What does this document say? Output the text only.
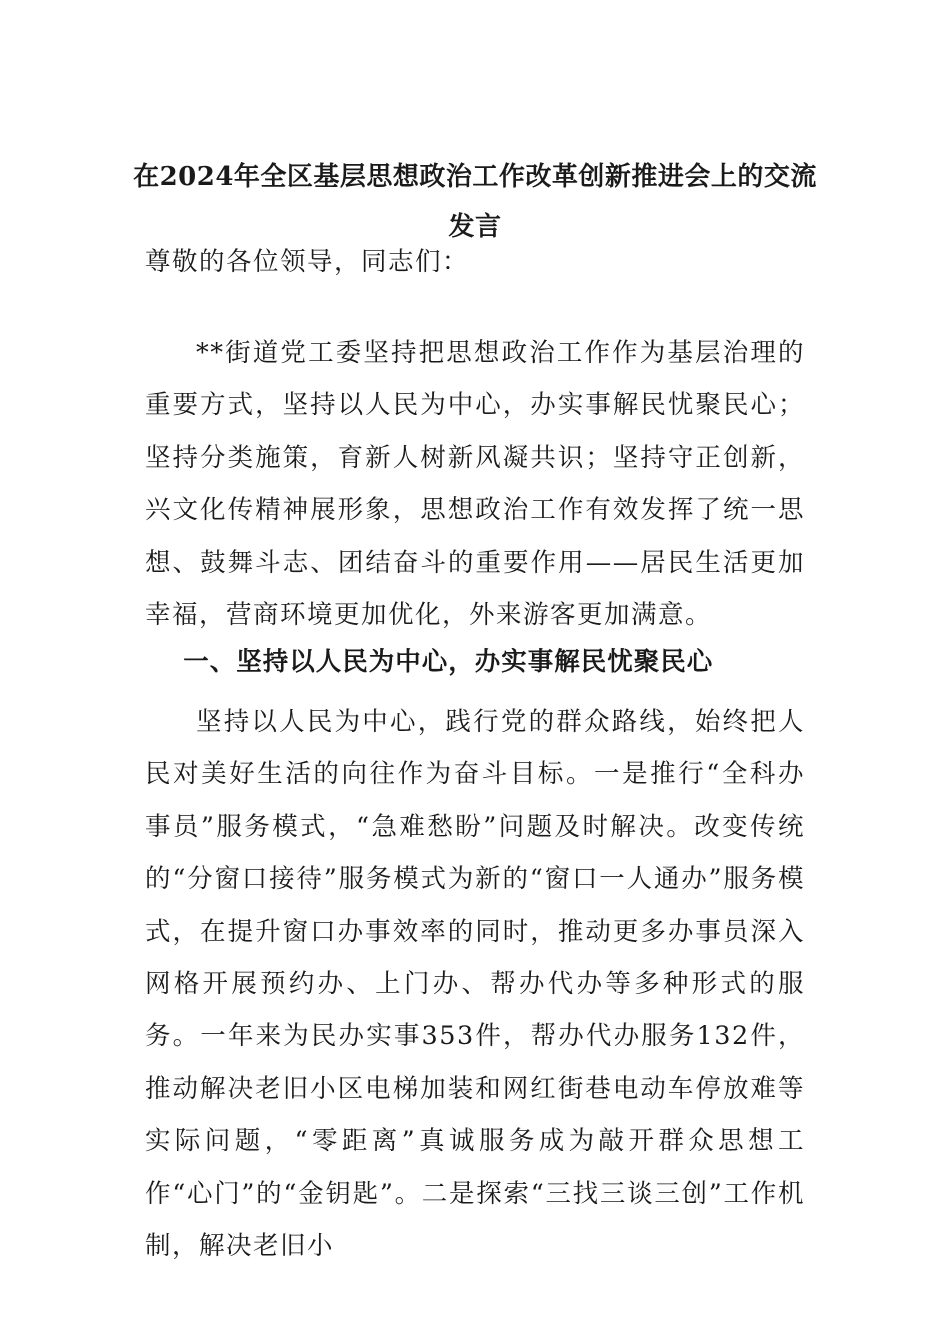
在2024年全区基层思想政治工作改革创新推进会上的交流发言
尊敬的各位领导，同志们：
**街道党工委坚持把思想政治工作作为基层治理的重要方式，坚持以人民为中心，办实事解民忧聚民心；坚持分类施策，育新人树新风凝共识；坚持守正创新，兴文化传精神展形象，思想政治工作有效发挥了统一思想、鼓舞斗志、团结奋斗的重要作用——居民生活更加幸福，营商环境更加优化，外来游客更加满意。
一、坚持以人民为中心，办实事解民忧聚民心
坚持以人民为中心，践行党的群众路线，始终把人民对美好生活的向往作为奋斗目标。一是推行“全科办事员”服务模式，“急难愁盼”问题及时解决。改变传统的“分窗口接待”服务模式为新的“窗口一人通办”服务模式，在提升窗口办事效率的同时，推动更多办事员深入网格开展预约办、上门办、帮办代办等多种形式的服务。一年来为民办实事353件，帮办代办服务132件，推动解决老旧小区电梯加装和网红街巷电动车停放难等实际问题，“零距离”真诚服务成为敲开群众思想工作“心门”的“金钥匙”。二是探索“三找三谈三创”工作机制，解决老旧小
